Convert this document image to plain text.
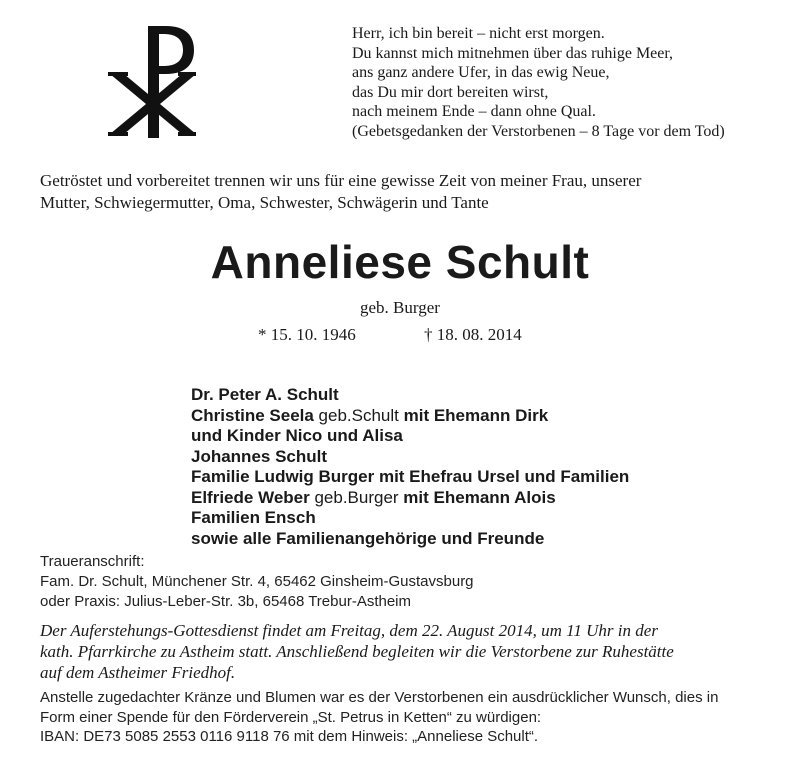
Herr, ich bin bereit – nicht erst morgen.
Du kannst mich mitnehmen über das ruhige Meer,
ans ganz andere Ufer, in das ewig Neue,
das Du mir dort bereiten wirst,
nach meinem Ende – dann ohne Qual.
(Gebetsgedanken der Verstorbenen – 8 Tage vor dem Tod)
Getröstet und vorbereitet trennen wir uns für eine gewisse Zeit von meiner Frau, unserer
Mutter, Schwiegermutter, Oma, Schwester, Schwägerin und Tante
Anneliese Schult
geb. Burger
* 15. 10. 1946	† 18. 08. 2014
Dr. Peter A. Schult
Christine Seela geb.Schult mit Ehemann Dirk
und Kinder Nico und Alisa
Johannes Schult
Familie Ludwig Burger mit Ehefrau Ursel und Familien
Elfriede Weber geb.Burger mit Ehemann Alois
Familien Ensch
sowie alle Familienangehörige und Freunde
Traueranschrift:
Fam. Dr. Schult, Münchener Str. 4, 65462 Ginsheim-Gustavsburg
oder Praxis: Julius-Leber-Str. 3b, 65468 Trebur-Astheim
Der Auferstehungs-Gottesdienst findet am Freitag, dem 22. August 2014, um 11 Uhr in der
kath. Pfarrkirche zu Astheim statt. Anschließend begleiten wir die Verstorbene zur Ruhestätte
auf dem Astheimer Friedhof.
Anstelle zugedachter Kränze und Blumen war es der Verstorbenen ein ausdrücklicher Wunsch, dies in
Form einer Spende für den Förderverein „St. Petrus in Ketten“ zu würdigen:
IBAN: DE73 5085 2553 0116 9118 76 mit dem Hinweis: „Anneliese Schult“.
